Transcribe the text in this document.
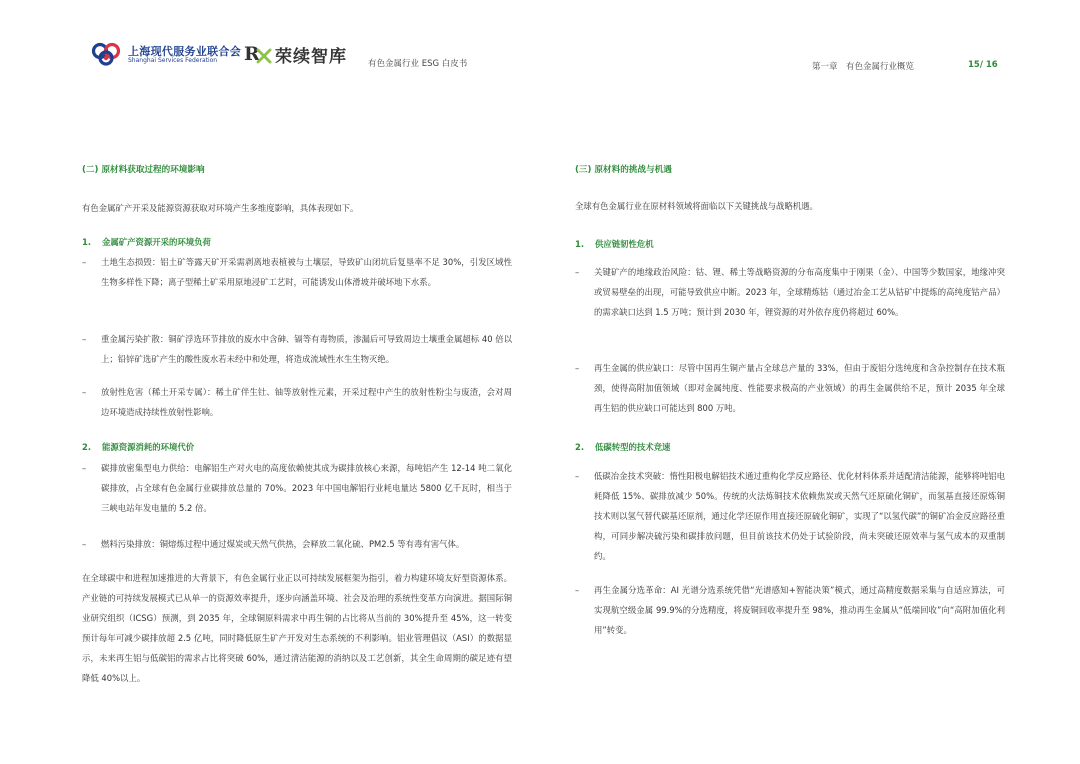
上海现代服务业联合会
Shanghai Services Federation R 荣续智库 有色金属行业 ESG 白皮书	第一章　有色金属行业概览	15/ 16
(二) 原材料获取过程的环境影响
有色金属矿产开采及能源资源获取对环境产生多维度影响，具体表现如下。
1. 金属矿产资源开采的环境负荷
–	土地生态损毁：铝土矿等露天矿开采需剥离地表植被与土壤层，导致矿山闭坑后复垦率不足 30%，引发区域性生物多样性下降；离子型稀土矿采用原地浸矿工艺时，可能诱发山体滑坡并破坏地下水系。
–	重金属污染扩散：铜矿浮选环节排放的废水中含砷、镉等有毒物质，渗漏后可导致周边土壤重金属超标 40 倍以上；铅锌矿选矿产生的酸性废水若未经中和处理，将造成流域性水生生物灭绝。
–	放射性危害（稀土开采专属）：稀土矿伴生钍、铀等放射性元素，开采过程中产生的放射性粉尘与废渣，会对周边环境造成持续性放射性影响。
2. 能源资源消耗的环境代价
–	碳排放密集型电力供给：电解铝生产对火电的高度依赖使其成为碳排放核心来源，每吨铝产生 12-14 吨二氧化碳排放，占全球有色金属行业碳排放总量的 70%。2023 年中国电解铝行业耗电量达 5800 亿千瓦时，相当于三峡电站年发电量的 5.2 倍。
–	燃料污染排放：铜熔炼过程中通过煤炭或天然气供热，会释放二氧化硫、PM2.5 等有毒有害气体。
在全球碳中和进程加速推进的大背景下，有色金属行业正以可持续发展框架为指引，着力构建环境友好型资源体系。产业链的可持续发展模式已从单一的资源效率提升，逐步向涵盖环境、社会及治理的系统性变革方向演进。据国际铜业研究组织（ICSG）预测，到 2035 年，全球铜原料需求中再生铜的占比将从当前的 30%提升至 45%，这一转变预计每年可减少碳排放超 2.5 亿吨，同时降低原生矿产开发对生态系统的不利影响。铝业管理倡议（ASI）的数据显示，未来再生铝与低碳铝的需求占比将突破 60%，通过清洁能源的消纳以及工艺创新，其全生命周期的碳足迹有望降低 40%以上。
(三) 原材料的挑战与机遇
全球有色金属行业在原材料领域将面临以下关键挑战与战略机遇。
1. 供应链韧性危机
–	关键矿产的地缘政治风险：钴、锂、稀土等战略资源的分布高度集中于刚果（金）、中国等少数国家，地缘冲突或贸易壁垒的出现，可能导致供应中断。2023 年，全球精炼钴（通过冶金工艺从钴矿中提炼的高纯度钴产品）的需求缺口达到 1.5 万吨；预计到 2030 年，锂资源的对外依存度仍将超过 60%。
–	再生金属的供应缺口：尽管中国再生铜产量占全球总产量的 33%，但由于废铝分选纯度和含杂控制存在技术瓶颈，使得高附加值领域（即对金属纯度、性能要求极高的产业领域）的再生金属供给不足，预计 2035 年全球再生铝的供应缺口可能达到 800 万吨。
2. 低碳转型的技术竞速
–	低碳冶金技术突破：惰性阳极电解铝技术通过重构化学反应路径、优化材料体系并适配清洁能源，能够将吨铝电耗降低 15%、碳排放减少 50%。传统的火法炼铜技术依赖焦炭或天然气还原硫化铜矿，而氢基直接还原炼铜技术则以氢气替代碳基还原剂，通过化学还原作用直接还原硫化铜矿，实现了“以氢代碳”的铜矿冶金反应路径重构，可同步解决硫污染和碳排放问题，但目前该技术仍处于试验阶段，尚未突破还原效率与氢气成本的双重制约。
–	再生金属分选革命：AI 光谱分选系统凭借“光谱感知+智能决策”模式，通过高精度数据采集与自适应算法，可实现航空级金属 99.9%的分选精度，将废铜回收率提升至 98%，推动再生金属从“低端回收”向“高附加值化利用”转变。
